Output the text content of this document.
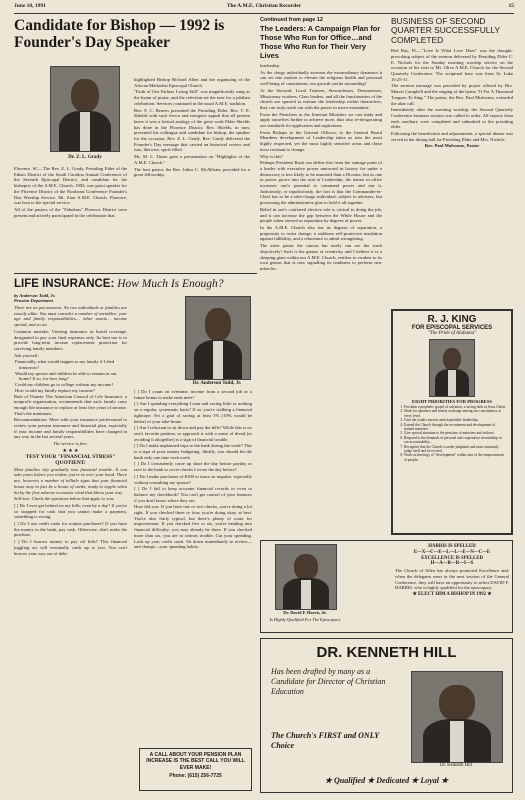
June 10, 1991	The A.M.E. Christian Recorder	15
Candidate for Bishop — 1992 is Founder's Day Speaker
Dr. Z. L. Grady

Florence, SC—The Rev. Z. L. Grady, Presiding Elder of the Edisto District of the South Carolina Annual Conference of the Seventh Episcopal District, and candidate for the bishopric of the A.M.E. Church, 1992, was guest speaker for the Florence District of the Northeast Conference Founder's Day Worship Service. Mt. Zion A.M.E. Church, Florence, was host to the special service.

All of the pastors of the "Fabulous" Florence District were present and actively participated in the celebration that

highlighted Bishop Richard Allen and the organizing of the African Methodist Episcopal Church.

"Faith of Our Fathers Living Still" was magnificently sung as the hymn of praise, and the selection set the tone for a jubilant celebration. Services continued in the usual A.M.E. tradition.

Rev. F. C. Reaves presented the Presiding Elder, Rev. T. E. Shields with such fervor and energetic appeal that all present knew it was a factual analogy of the great work Elder Shields has done in the Florence District. Rev. Shields, in turn, presented his colleague and candidate for bishop, the speaker for the occasion, Rev. Z. L. Grady. Rev. Grady delivered the Founder's Day message that carried an historical review and was, likewise, spirit-filled.

Ms. M. L. Times gave a presentation on "Highlights of the A.M.E. Church."

The host pastor, the Rev. Julius C. McAllister, provided for a great fellowship.

Continued from page 12
The Leaders: A Campaign Plan for Those Who Run for Office…and Those Who Run for Their Very Lives

leadership.

As the clergy individually assesses the extraordinary dynamics it can set into motion to elevate the religious health and personal well-being of constituents, our growth can be astounding!

At the Steward, Local Trustees, Stewardesses, Deaconesses, Missionary workers, Class leaders, and all the functionaries of the church are spurred to nurture the leadership within themselves, they can truly reach out with the power to move mountains.

From the Preachers to the Itinerant Ministers we can study and apply ourselves further to achieve more, thus also re-invigorating our standards for application and aspirations.

From Bishops to the General Officers, to the General Board Members development of Leadership takes us into the most highly respected, yet the most highly sensitive areas and those most resistant to change.

Why is this?

Perhaps President Bush can define this from the vantage point of a leader with executive power untoward in history for under a democracy is less likely to be unseated than a Dictator, but as one in power grows into the seat of Leadership, the tenure in office increases one's potential to command power and use it. Judiciously, or injudiciously, the fact is that the Commander-in-Chief has to be a take-charge individual, subject to advisors, but possessing the administrative glue to hold it all together.

Belief in one's conferred elective role is critical to doing the job, and it can increase the gap between the White House and the people when viewed as separation by degrees of power.

In the A.M.E. Church also has its degrees of separation, a propensity to resist change, a stubborn self-protective insulation against fallibility, and a reluctance to admit wrongdoing.

The artist paints the canvas but rarely can see the work objectively! Such is the genius of creativity, and I believe it is a sleeping giant within our A.M.E. Church, restless to awaken to its own genius that is now signalling its readiness to perform new miracles.

BUSINESS OF SECOND QUARTER SUCCESSFULLY COMPLETED

Red Bay, FL—"Love Is What Love Does" was the thought-provoking subject of the sermon delivered by Presiding Elder C. E. Nichols for the Sunday morning worship service on the occasion of his visit to Mt. Olive A.M.E. Church for the Second Quarterly Conference. The scriptural base was from St. Luke 10:25-31.

The sermon message was preceded by prayer offered by Bro. Marvis Campbell and the singing of the hymn "O For A Thousand Tongues To Sing." The pastor, the Rev. Paul Mulveaux, extended the altar call.

Immediately after the morning worship, the Second Quarterly Conference business session was called to order. All reports from each auxiliary were completed and submitted to the presiding elder.

Following the benediction and adjournment, a special dinner was served in the dining hall for Presiding Elder and Mrs. Nichols.

Rev. Paul Mulveaux, Pastor

LIFE INSURANCE: How Much Is Enough?
by Anderson Todd, Jr.
Pension Department

There are no pat answers. No two individuals or families are exactly alike. You must consider a number of variables: your age and family responsibilities… other assets… income spread, and so on.

Common mistake: Viewing insurance as burial coverage, designated to pay your final expenses only. Its best use is to provide long-term income replacement protection for surviving family members.

Ask yourself:

Financially, what would happen to my family if I died tomorrow?

Would my spouse and children be able to remain in our home? If so, for how long?

Could my children go to college without my income?

How would my family replace my income?

Rule of Thumb: The American Council of Life Insurance, a nonprofit organization, recommends that each family carry enough life insurance to replace at least five years of income. That's the minimum.

Recommendation: Meet with your insurance professional to review your present insurance and financial plan, especially if your income and family responsibilities have changed in any way in the last several years.

The service is free.

★ ★ ★
TEST YOUR "FINANCIAL STRESS" QUOTIENT:

Most families slip gradually into financial trouble. It can take years before you realize you're in over your head. There are, however, a number of telltale signs that your financial house may in fact be a house of cards, ready to topple when hit by the first adverse economic wind that blows your way.

Self-test. Check the questions below that apply to you:

[ ] Do I ever get behind on my bills, even by a day? If you're so strapped for cash that you cannot make a payment, something is wrong.

[ ] Do I use credit cards for routine purchases? If you have the money in the bank, pay cash. Otherwise, don't make the purchase.

[ ] Do I borrow money to pay off bills? This financial juggling act will eventually catch up to you. You can't borrow your way out of debt.

Dr. Anderson Todd, Jr.

[ ] Do I count on overtime, income from a second job or a future bonus to make ends meet?

[ ] Am I spending everything I earn and saving little or nothing on a regular, systematic basis? If so, you're walking a financial tightrope. Set a goal of saving at least 5% (10% would be better) of your take-home.

[ ] Am I reluctant to sit down and pay the bills? While this is no one's favorite pastime, to approach it with a sense of dread (or avoiding it altogether) is a sign of financial trouble.

[ ] Do I make unplanned trips to the bank during the week? This is a sign of poor money budgeting. Ideally, you should hit the bank only one time each week.

[ ] Do I consistently come up short the day before payday or race to the bank to cover checks I wrote the day before?

[ ] Do I make purchases of $100 or more on impulse, especially without consulting my spouse?

[ ] Do I fail to keep accurate financial records or even to balance my checkbook? You can't get control of your finances if you don't know where they are.

How did you: If you have one or two checks, you're doing a lot right. If you checked three or four, you're doing okay, at best. You're also fairly typical, but there's plenty of room for improvement. If you checked five or six, you're heading into financial difficulty; you may already be there. If you checked more than six, you are in serious trouble. Cut your spending. Lock up your credit cards. Sit down immediately to review—and change—your spending habits.

A CALL ABOUT YOUR PENSION PLAN INCREASE IS THE BEST CALL YOU WILL EVER MAKE!
Phone: (615) 256-7725
R. J. KING
FOR EPISCOPAL SERVICES
"The Pride of Alabama"
EIGHT PRIORITIES FOR PROGRESS
1. Proclaim a prophetic gospel of salvation, a saving faith in Jesus Christ.
2. Work for openness and honest exchange among our constituency at every level.
3. Give the youth concrete and responsible leadership.
4. Extend the Church through the recruitment and development of trained ministers.
5. Give special attention to the pensions of ministers and widows.
6. Respond to the demands of personal and cooperative stewardship in our accountability.
7. Recognize that the Church is under judgment and must constantly judge itself and be revised.
8. Work on theology of "development" within area of the empowerment of people.
Dr. David F. Harris, Sr.
Is Highly Qualified For The Episcopacy
HARRIS IS SPELLED
E—X—C—E—L—L—E—N—C—E
EXCELLENCE IS SPELLED
H—A—R—R—I—S
The Church of Allen has always promoted Excellence and, when the delegates meet in the next session of the General Conference, they will have an opportunity to select DAVID F. HARRIS, who is highly qualified for the episcopacy.
★ ELECT HIM A BISHOP IN 1992 ★
DR. KENNETH HILL
Has been drafted by many as a Candidate for Director of Christian Education
The Church's FIRST and ONLY Choice
Dr. Kenneth Hill
★ Qualified ★ Dedicated ★ Loyal ★
